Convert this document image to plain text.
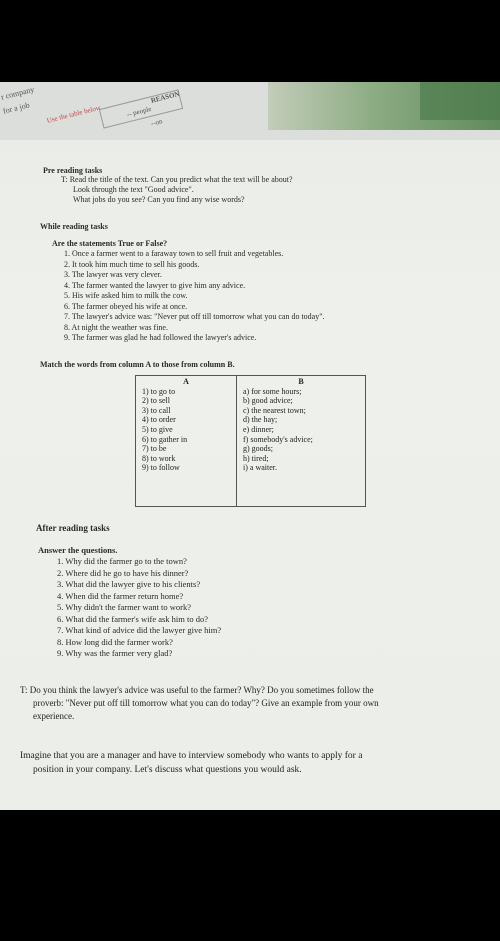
r company
for a job Use the table below
REASON
-- people
--on
Pre reading tasks
T: Read the title of the text. Can you predict what the text will be about?
Look through the text "Good advice".
What jobs do you see? Can you find any wise words?
While reading tasks
Are the statements True or False?
1. Once a farmer went to a faraway town to sell fruit and vegetables.
2. It took him much time to sell his goods.
3. The lawyer was very clever.
4. The farmer wanted the lawyer to give him any advice.
5. His wife asked him to milk the cow.
6. The farmer obeyed his wife at once.
7. The lawyer's advice was: "Never put off till tomorrow what you can do today".
8. At night the weather was fine.
9. The farmer was glad he had followed the lawyer's advice.
Match the words from column A to those from column B.
A
1) to go to
2) to sell
3) to call
4) to order
5) to give
6) to gather in
7) to be
8) to work
9) to follow

B
a) for some hours;
b) good advice;
c) the nearest town;
d) the hay;
e) dinner;
f) somebody's advice;
g) goods;
h) tired;
i) a waiter.
After reading tasks
Answer the questions.
1. Why did the farmer go to the town?
2. Where did he go to have his dinner?
3. What did the lawyer give to his clients?
4. When did the farmer return home?
5. Why didn't the farmer want to work?
6. What did the farmer's wife ask him to do?
7. What kind of advice did the lawyer give him?
8. How long did the farmer work?
9. Why was the farmer very glad?
T: Do you think the lawyer's advice was useful to the farmer? Why? Do you sometimes follow the
proverb: "Never put off till tomorrow what you can do today"? Give an example from your own
experience.
Imagine that you are a manager and have to interview somebody who wants to apply for a
position in your company. Let's discuss what questions you would ask.
